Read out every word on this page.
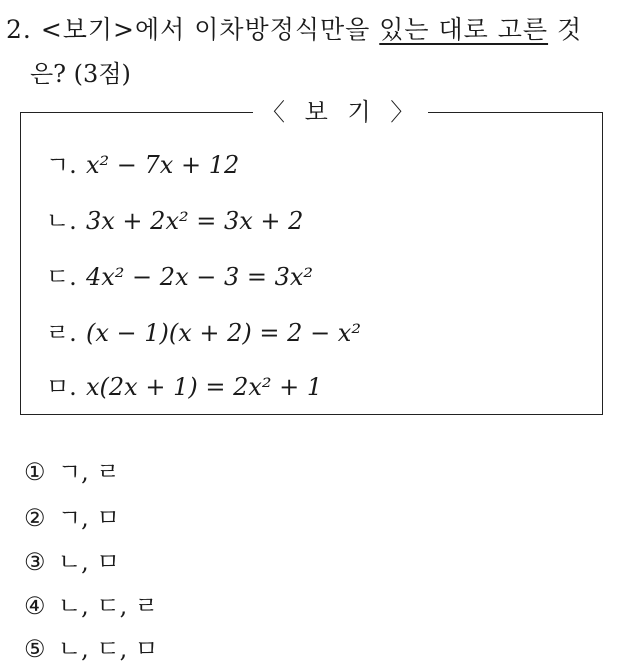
2. <보기>에서 이차방정식만을 있는 대로 고른 것
은? (3점)
〈 보 기 〉
ㄱ. x² − 7x + 12
ㄴ. 3x + 2x² = 3x + 2
ㄷ. 4x² − 2x − 3 = 3x²
ㄹ. (x − 1)(x + 2) = 2 − x²
ㅁ. x(2x + 1) = 2x² + 1
① ㄱ, ㄹ
② ㄱ, ㅁ
③ ㄴ, ㅁ
④ ㄴ, ㄷ, ㄹ
⑤ ㄴ, ㄷ, ㅁ
